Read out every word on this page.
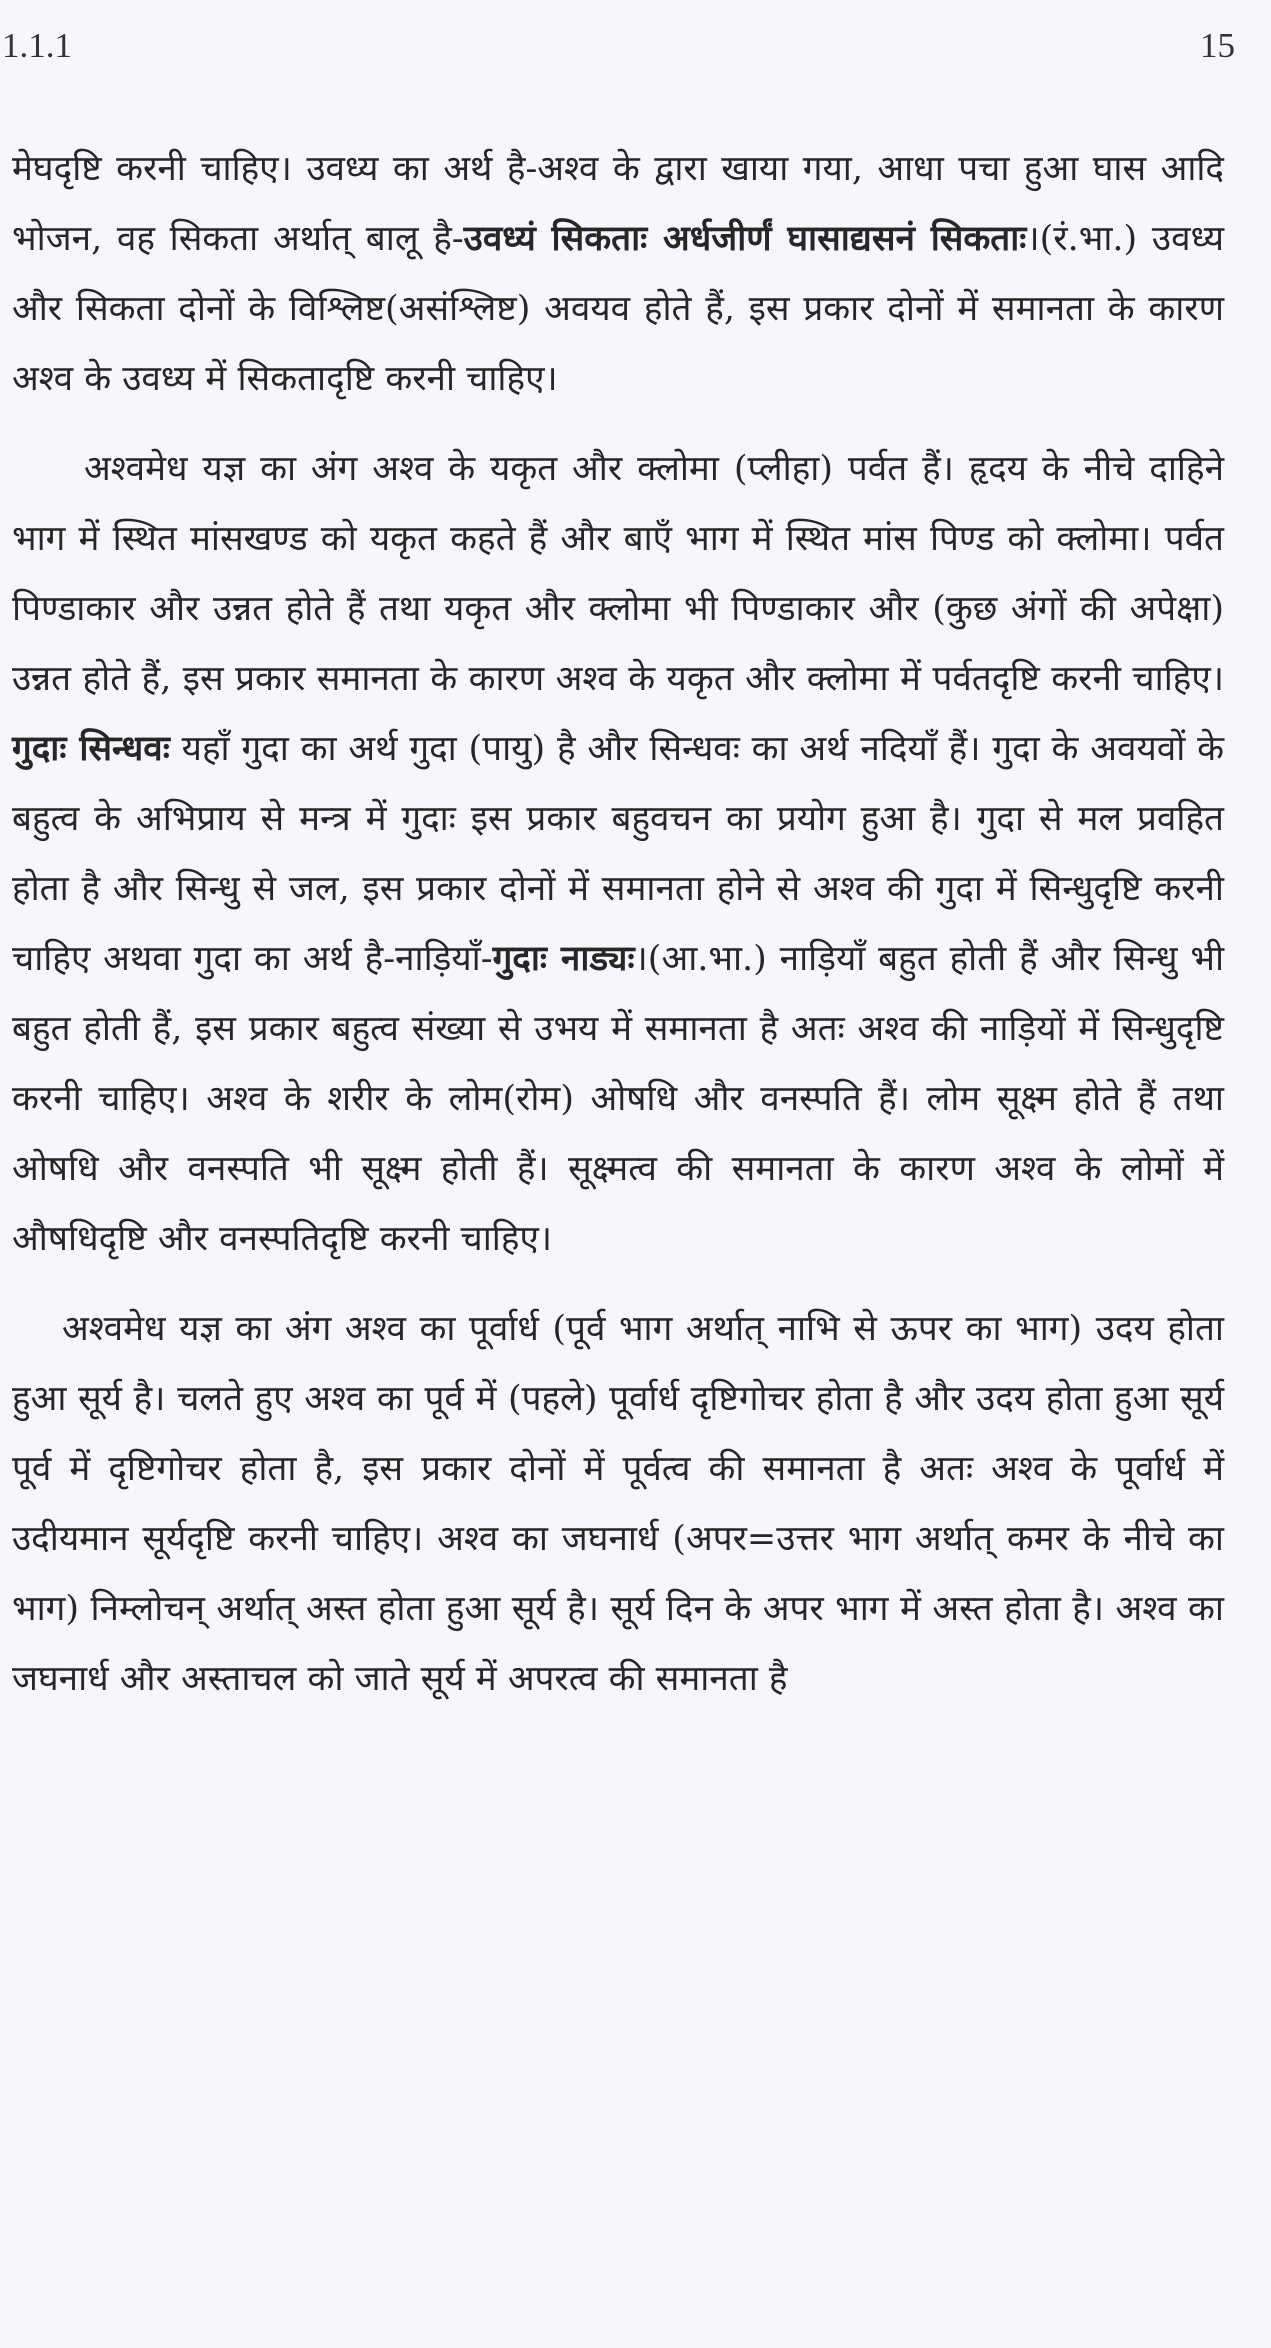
1.1.1	15

मेघदृष्टि करनी चाहिए। उवध्य का अर्थ है-अश्व के द्वारा खाया गया, आधा पचा हुआ घास आदि भोजन, वह सिकता अर्थात् बालू है-उवध्यं सिकताः अर्धजीर्णं घासाद्यसनं सिकताः।(रं.भा.) उवध्य और सिकता दोनों के विश्लिष्ट(असंश्लिष्ट) अवयव होते हैं, इस प्रकार दोनों में समानता के कारण अश्व के उवध्य में सिकतादृष्टि करनी चाहिए।

अश्वमेध यज्ञ का अंग अश्व के यकृत और क्लोमा (प्लीहा) पर्वत हैं। हृदय के नीचे दाहिने भाग में स्थित मांसखण्ड को यकृत कहते हैं और बाएँ भाग में स्थित मांस पिण्ड को क्लोमा। पर्वत पिण्डाकार और उन्नत होते हैं तथा यकृत और क्लोमा भी पिण्डाकार और (कुछ अंगों की अपेक्षा) उन्नत होते हैं, इस प्रकार समानता के कारण अश्व के यकृत और क्लोमा में पर्वतदृष्टि करनी चाहिए। गुदाः सिन्धवः यहाँ गुदा का अर्थ गुदा (पायु) है और सिन्धवः का अर्थ नदियाँ हैं। गुदा के अवयवों के बहुत्व के अभिप्राय से मन्त्र में गुदाः इस प्रकार बहुवचन का प्रयोग हुआ है। गुदा से मल प्रवहित होता है और सिन्धु से जल, इस प्रकार दोनों में समानता होने से अश्व की गुदा में सिन्धुदृष्टि करनी चाहिए अथवा गुदा का अर्थ है-नाड़ियाँ-गुदाः नाड्यः।(आ.भा.) नाड़ियाँ बहुत होती हैं और सिन्धु भी बहुत होती हैं, इस प्रकार बहुत्व संख्या से उभय में समानता है अतः अश्व की नाड़ियों में सिन्धुदृष्टि करनी चाहिए। अश्व के शरीर के लोम(रोम) ओषधि और वनस्पति हैं। लोम सूक्ष्म होते हैं तथा ओषधि और वनस्पति भी सूक्ष्म होती हैं। सूक्ष्मत्व की समानता के कारण अश्व के लोमों में औषधिदृष्टि और वनस्पतिदृष्टि करनी चाहिए।

अश्वमेध यज्ञ का अंग अश्व का पूर्वार्ध (पूर्व भाग अर्थात् नाभि से ऊपर का भाग) उदय होता हुआ सूर्य है। चलते हुए अश्व का पूर्व में (पहले) पूर्वार्ध दृष्टिगोचर होता है और उदय होता हुआ सूर्य पूर्व में दृष्टिगोचर होता है, इस प्रकार दोनों में पूर्वत्व की समानता है अतः अश्व के पूर्वार्ध में उदीयमान सूर्यदृष्टि करनी चाहिए। अश्व का जघनार्ध (अपर=उत्तर भाग अर्थात् कमर के नीचे का भाग) निम्लोचन् अर्थात् अस्त होता हुआ सूर्य है। सूर्य दिन के अपर भाग में अस्त होता है। अश्व का जघनार्ध और अस्ताचल को जाते सूर्य में अपरत्व की समानता है
